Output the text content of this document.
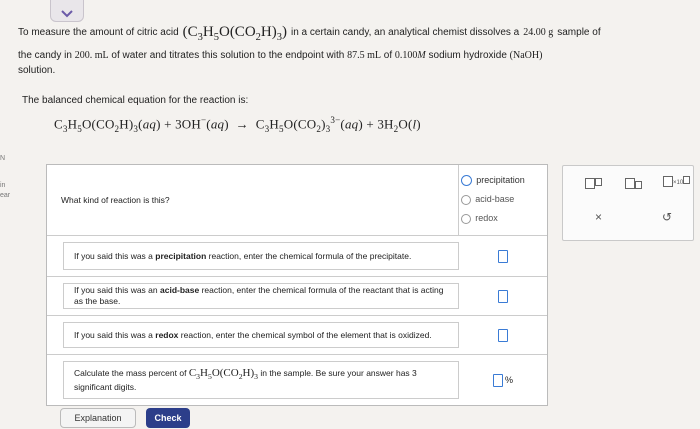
N
in
ear
To measure the amount of citric acid $(C_3H_5O(CO_2H)_3)$ in a certain candy, an analytical chemist dissolves a 24.00 g sample of
the candy in 200. mL of water and titrates this solution to the endpoint with 87.5 mL of 0.100M sodium hydroxide (NaOH)
solution.
The balanced chemical equation for the reaction is:
$C_3H_5O(CO_2H)_3(aq) + 3OH^-(aq) \to C_3H_5O(CO_2)_3^{3-}(aq) + 3H_2O(l)$
What kind of reaction is this?
precipitation
acid-base
redox
If you said this was a precipitation reaction, enter the chemical formula of the precipitate.
If you said this was an acid-base reaction, enter the chemical formula of the reactant that is acting as the base.
If you said this was a redox reaction, enter the chemical symbol of the element that is oxidized.
Calculate the mass percent of $C_3H_5O(CO_2H)_3$ in the sample. Be sure your answer has 3 significant digits.
%
×10
×	↺
Explanation	Check
